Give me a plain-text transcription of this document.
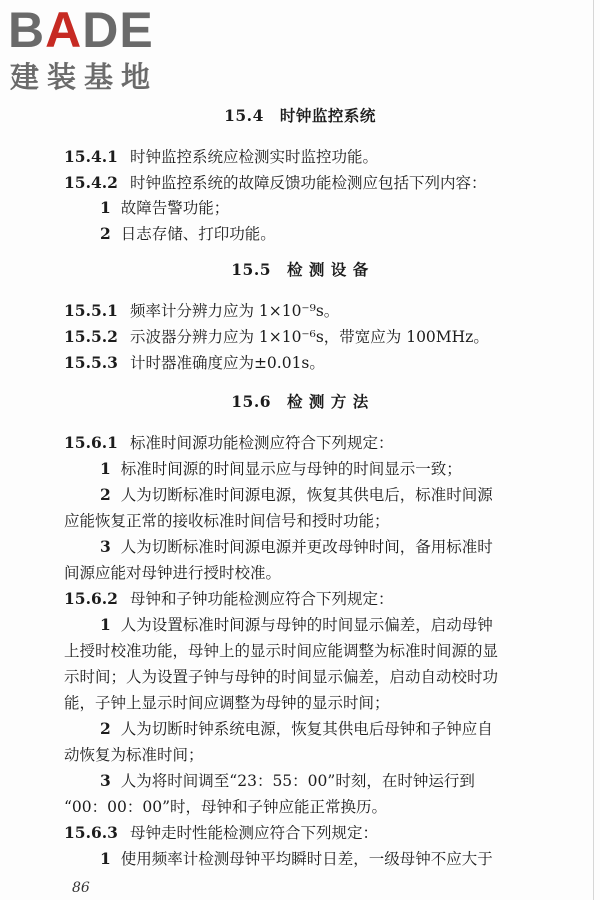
BADE
建装基地
15.4　时钟监控系统
15.4.1 时钟监控系统应检测实时监控功能。
15.4.2 时钟监控系统的故障反馈功能检测应包括下列内容：
1 故障告警功能；
2 日志存储、打印功能。
15.5　检 测 设 备
15.5.1 频率计分辨力应为 1×10⁻⁹s。
15.5.2 示波器分辨力应为 1×10⁻⁶s，带宽应为 100MHz。
15.5.3 计时器准确度应为±0.01s。
15.6　检 测 方 法
15.6.1 标准时间源功能检测应符合下列规定：
1 标准时间源的时间显示应与母钟的时间显示一致；
2 人为切断标准时间源电源，恢复其供电后，标准时间源
应能恢复正常的接收标准时间信号和授时功能；
3 人为切断标准时间源电源并更改母钟时间，备用标准时
间源应能对母钟进行授时校准。
15.6.2 母钟和子钟功能检测应符合下列规定：
1 人为设置标准时间源与母钟的时间显示偏差，启动母钟
上授时校准功能，母钟上的显示时间应能调整为标准时间源的显
示时间；人为设置子钟与母钟的时间显示偏差，启动自动校时功
能，子钟上显示时间应调整为母钟的显示时间；
2 人为切断时钟系统电源，恢复其供电后母钟和子钟应自
动恢复为标准时间；
3 人为将时间调至“23：55：00”时刻，在时钟运行到
“00：00：00”时，母钟和子钟应能正常换历。
15.6.3 母钟走时性能检测应符合下列规定：
1 使用频率计检测母钟平均瞬时日差，一级母钟不应大于
86
